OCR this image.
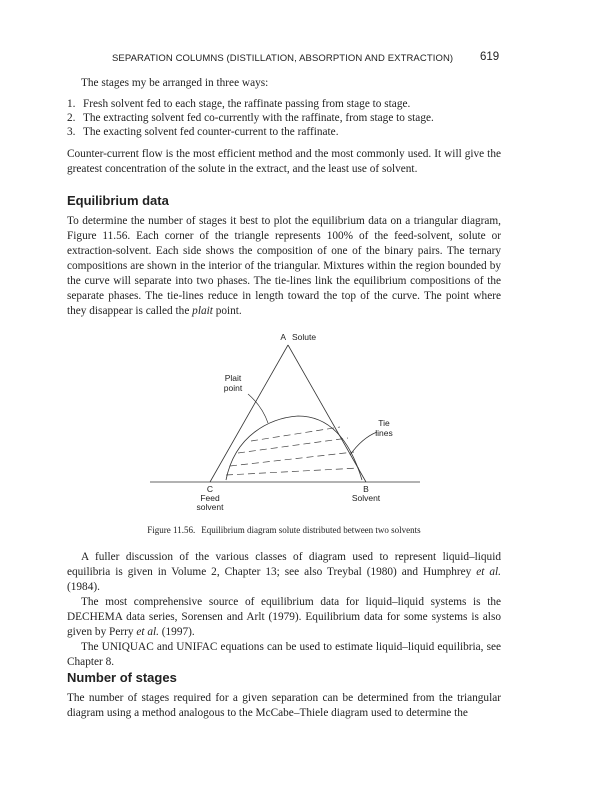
SEPARATION COLUMNS (DISTILLATION, ABSORPTION AND EXTRACTION)	619

The stages my be arranged in three ways:

1. Fresh solvent fed to each stage, the raffinate passing from stage to stage.
2. The extracting solvent fed co-currently with the raffinate, from stage to stage.
3. The exacting solvent fed counter-current to the raffinate.

Counter-current flow is the most efficient method and the most commonly used. It will give the greatest concentration of the solute in the extract, and the least use of solvent.

Equilibrium data

To determine the number of stages it best to plot the equilibrium data on a triangular diagram, Figure 11.56. Each corner of the triangle represents 100% of the feed-solvent, solute or extraction-solvent. Each side shows the composition of one of the binary pairs. The ternary compositions are shown in the interior of the triangular. Mixtures within the region bounded by the curve will separate into two phases. The tie-lines link the equilibrium compositions of the separate phases. The tie-lines reduce in length toward the top of the curve. The point where they disappear is called the plait point.

A Solute
Plait
point
Tie
lines
C
Feed
solvent
B
Solvent
Figure 11.56. Equilibrium diagram solute distributed between two solvents

A fuller discussion of the various classes of diagram used to represent liquid–liquid equilibria is given in Volume 2, Chapter 13; see also Treybal (1980) and Humphrey et al. (1984).

The most comprehensive source of equilibrium data for liquid–liquid systems is the DECHEMA data series, Sorensen and Arlt (1979). Equilibrium data for some systems is also given by Perry et al. (1997).

The UNIQUAC and UNIFAC equations can be used to estimate liquid–liquid equilibria, see Chapter 8.

Number of stages

The number of stages required for a given separation can be determined from the triangular diagram using a method analogous to the McCabe–Thiele diagram used to determine the
